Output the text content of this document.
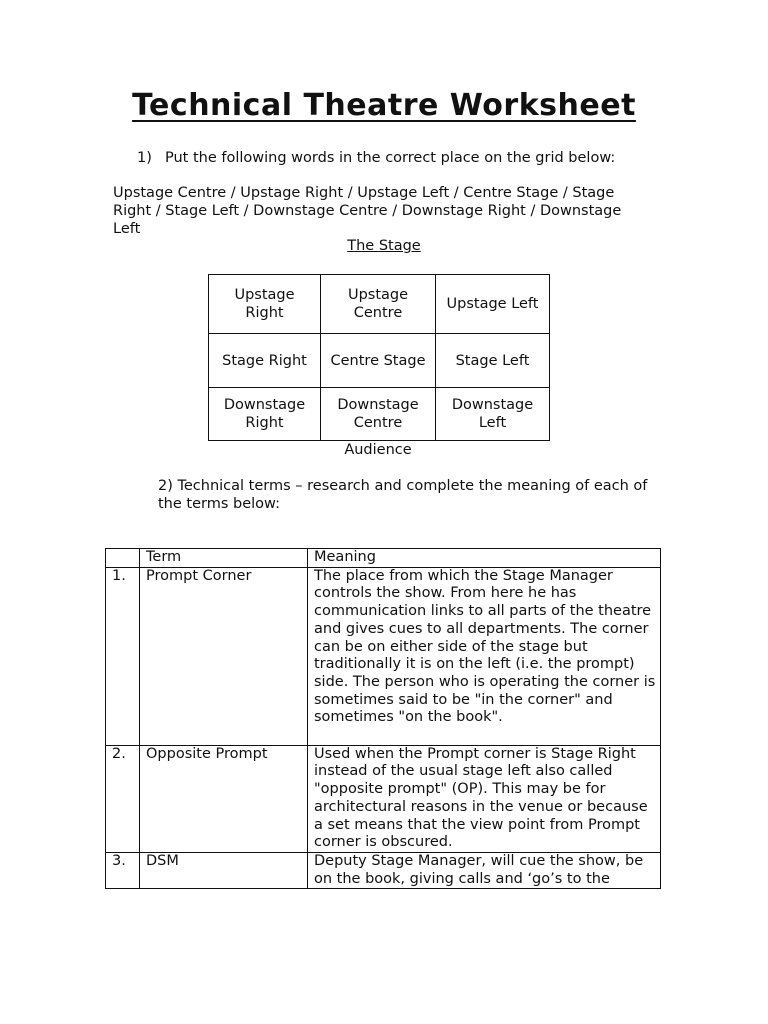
Technical Theatre Worksheet
1) Put the following words in the correct place on the grid below:
Upstage Centre / Upstage Right / Upstage Left / Centre Stage / Stage Right / Stage Left / Downstage Centre / Downstage Right / Downstage Left
The Stage
Upstage Right	Upstage Centre	Upstage Left
Stage Right	Centre Stage	Stage Left
Downstage Right	Downstage Centre	Downstage Left
Audience
2) Technical terms – research and complete the meaning of each of the terms below:
	Term	Meaning
1.	Prompt Corner	The place from which the Stage Manager controls the show. From here he has communication links to all parts of the theatre and gives cues to all departments. The corner can be on either side of the stage but traditionally it is on the left (i.e. the prompt) side. The person who is operating the corner is sometimes said to be "in the corner" and sometimes "on the book".
2.	Opposite Prompt	Used when the Prompt corner is Stage Right instead of the usual stage left also called "opposite prompt" (OP). This may be for architectural reasons in the venue or because a set means that the view point from Prompt corner is obscured.
3.	DSM	Deputy Stage Manager, will cue the show, be on the book, giving calls and ‘go’s to the
